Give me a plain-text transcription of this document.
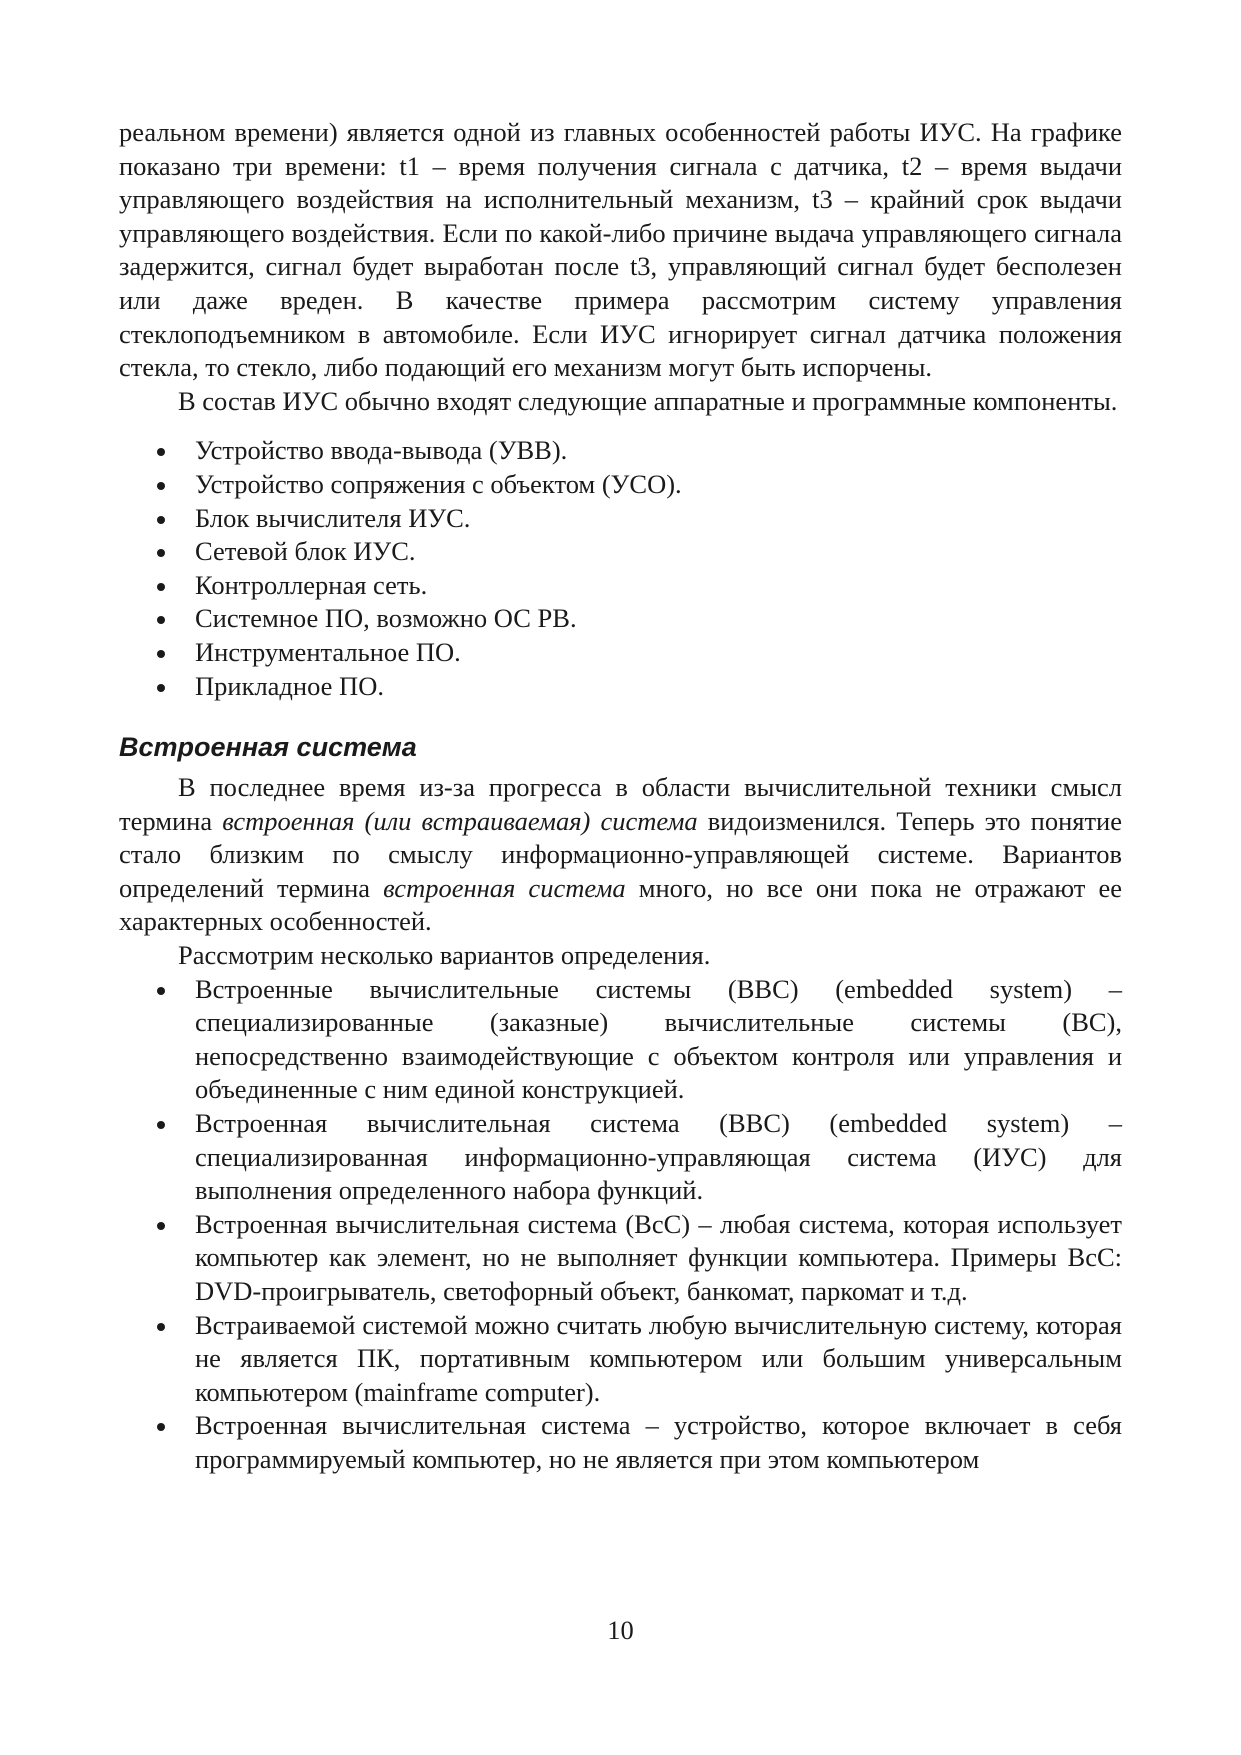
реальном времени) является одной из главных особенностей работы ИУС. На графике показано три времени: t1 – время получения сигнала с датчика, t2 – время выдачи управляющего воздействия на исполнительный механизм, t3 – крайний срок выдачи управляющего воздействия. Если по какой-либо причине выдача управляющего сигнала задержится, сигнал будет выработан после t3, управляющий сигнал будет бесполезен или даже вреден. В качестве примера рассмотрим систему управления стеклоподъемником в автомобиле. Если ИУС игнорирует сигнал датчика положения стекла, то стекло, либо подающий его механизм могут быть испорчены.

В состав ИУС обычно входят следующие аппаратные и программные компоненты.

Устройство ввода-вывода (УВВ).
Устройство сопряжения с объектом (УСО).
Блок вычислителя ИУС.
Сетевой блок ИУС.
Контроллерная сеть.
Системное ПО, возможно ОС РВ.
Инструментальное ПО.
Прикладное ПО.
Встроенная система

В последнее время из-за прогресса в области вычислительной техники смысл термина встроенная (или встраиваемая) система видоизменился. Теперь это понятие стало близким по смыслу информационно-управляющей системе. Вариантов определений термина встроенная система много, но все они пока не отражают ее характерных особенностей.

Рассмотрим несколько вариантов определения.

Встроенные вычислительные системы (ВВС) (embedded system) – специализированные (заказные) вычислительные системы (ВС), непосредственно взаимодействующие с объектом контроля или управления и объединенные с ним единой конструкцией.
Встроенная вычислительная система (ВВС) (embedded system) – специализированная информационно-управляющая система (ИУС) для выполнения определенного набора функций.
Встроенная вычислительная система (ВсС) – любая система, которая использует компьютер как элемент, но не выполняет функции компьютера. Примеры ВсС: DVD-проигрыватель, светофорный объект, банкомат, паркомат и т.д.
Встраиваемой системой можно считать любую вычислительную систему, которая не является ПК, портативным компьютером или большим универсальным компьютером (mainframe computer).
Встроенная вычислительная система – устройство, которое включает в себя программируемый компьютер, но не является при этом компьютером
10
